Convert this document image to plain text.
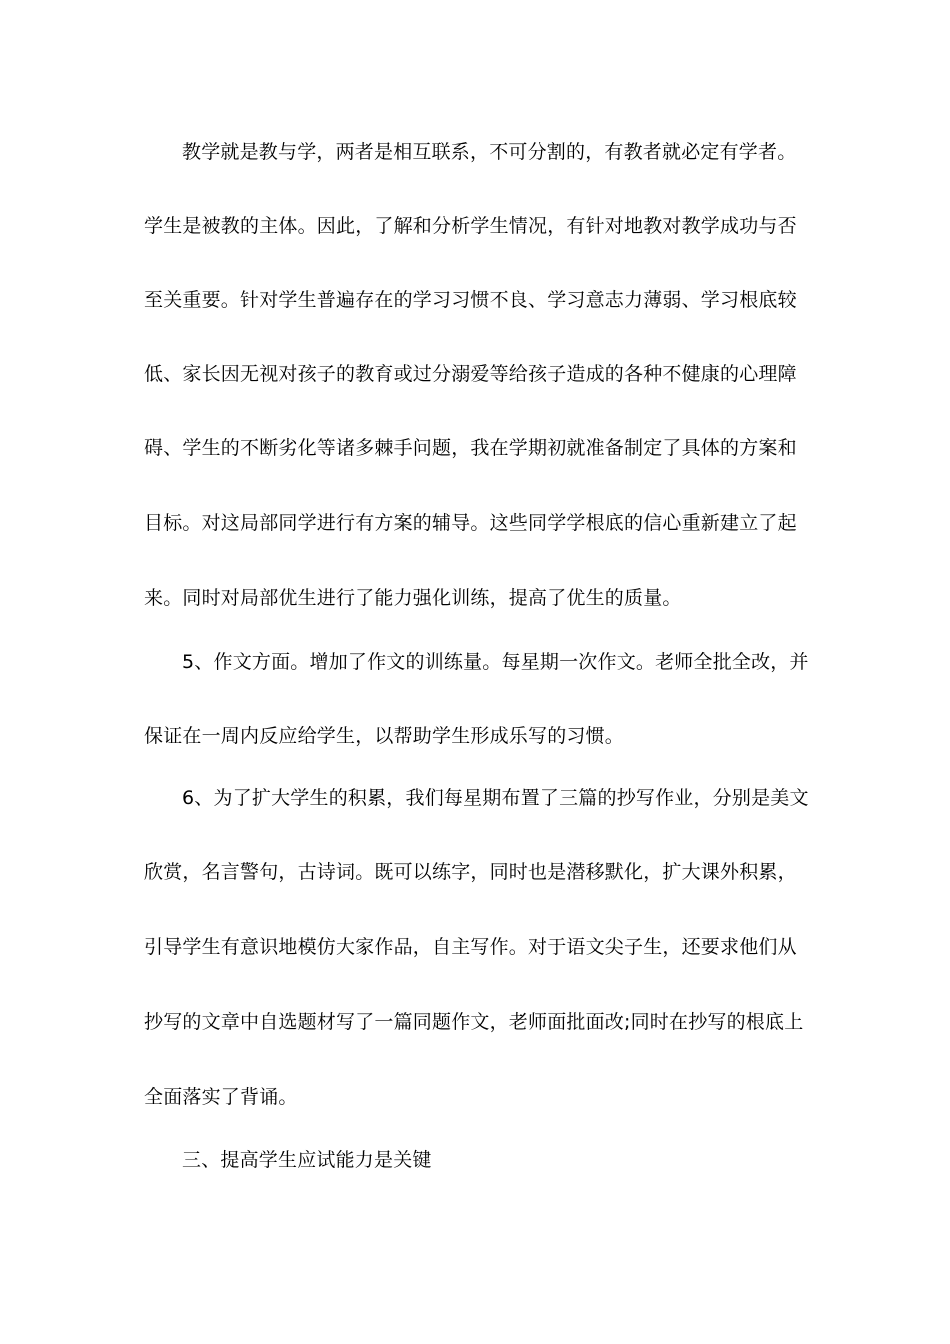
教学就是教与学，两者是相互联系，不可分割的，有教者就必定有学者。
学生是被教的主体。因此，了解和分析学生情况，有针对地教对教学成功与否
至关重要。针对学生普遍存在的学习习惯不良、学习意志力薄弱、学习根底较
低、家长因无视对孩子的教育或过分溺爱等给孩子造成的各种不健康的心理障
碍、学生的不断劣化等诸多棘手问题，我在学期初就准备制定了具体的方案和
目标。对这局部同学进行有方案的辅导。这些同学学根底的信心重新建立了起
来。同时对局部优生进行了能力强化训练，提高了优生的质量。
5、作文方面。增加了作文的训练量。每星期一次作文。老师全批全改，并
保证在一周内反应给学生，以帮助学生形成乐写的习惯。
6、为了扩大学生的积累，我们每星期布置了三篇的抄写作业，分别是美文
欣赏，名言警句，古诗词。既可以练字，同时也是潜移默化，扩大课外积累，
引导学生有意识地模仿大家作品，自主写作。对于语文尖子生，还要求他们从
抄写的文章中自选题材写了一篇同题作文，老师面批面改;同时在抄写的根底上
全面落实了背诵。
三、提高学生应试能力是关键
